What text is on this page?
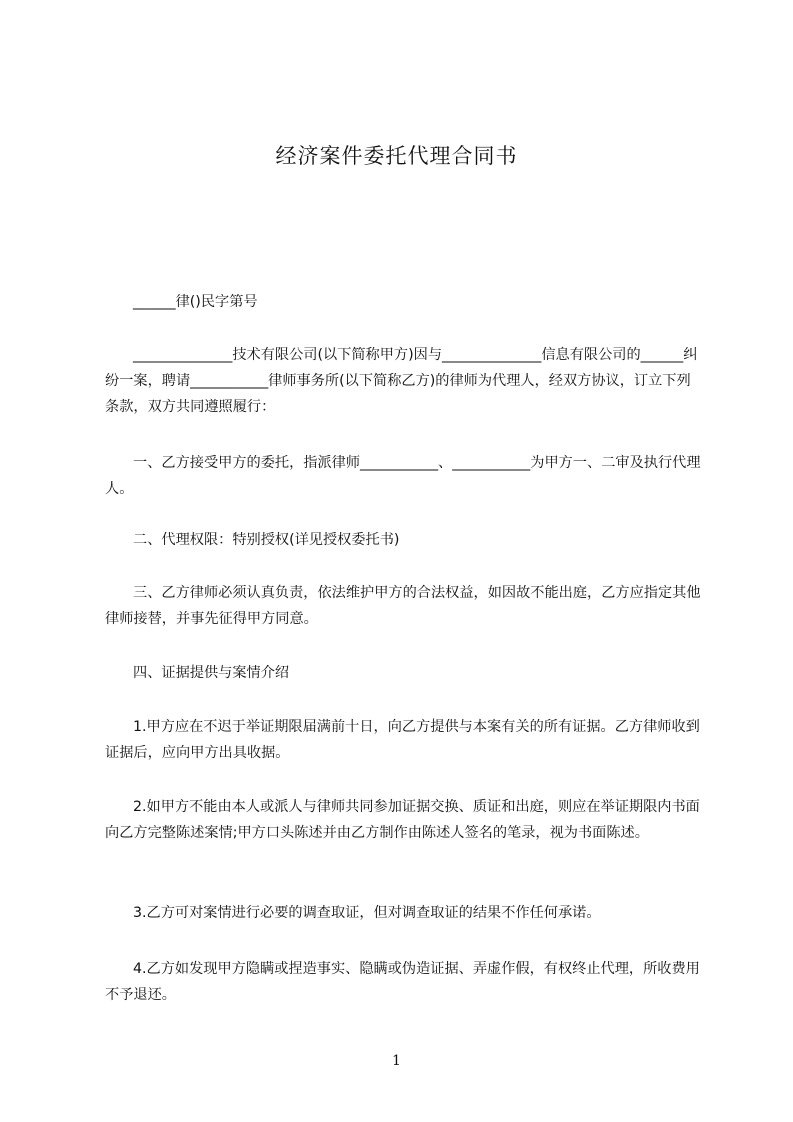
经济案件委托代理合同书

______律()民字第号

______________技术有限公司(以下简称甲方)因与______________信息有限公司的______纠纷一案，聘请___________律师事务所(以下简称乙方)的律师为代理人，经双方协议，订立下列条款，双方共同遵照履行：

一、乙方接受甲方的委托，指派律师___________、___________为甲方一、二审及执行代理人。

二、代理权限：特别授权(详见授权委托书)

三、乙方律师必须认真负责，依法维护甲方的合法权益，如因故不能出庭，乙方应指定其他律师接替，并事先征得甲方同意。

四、证据提供与案情介绍

1.甲方应在不迟于举证期限届满前十日，向乙方提供与本案有关的所有证据。乙方律师收到证据后，应向甲方出具收据。

2.如甲方不能由本人或派人与律师共同参加证据交换、质证和出庭，则应在举证期限内书面向乙方完整陈述案情;甲方口头陈述并由乙方制作由陈述人签名的笔录，视为书面陈述。

3.乙方可对案情进行必要的调查取证，但对调查取证的结果不作任何承诺。

4.乙方如发现甲方隐瞒或捏造事实、隐瞒或伪造证据、弄虚作假，有权终止代理，所收费用不予退还。

1
